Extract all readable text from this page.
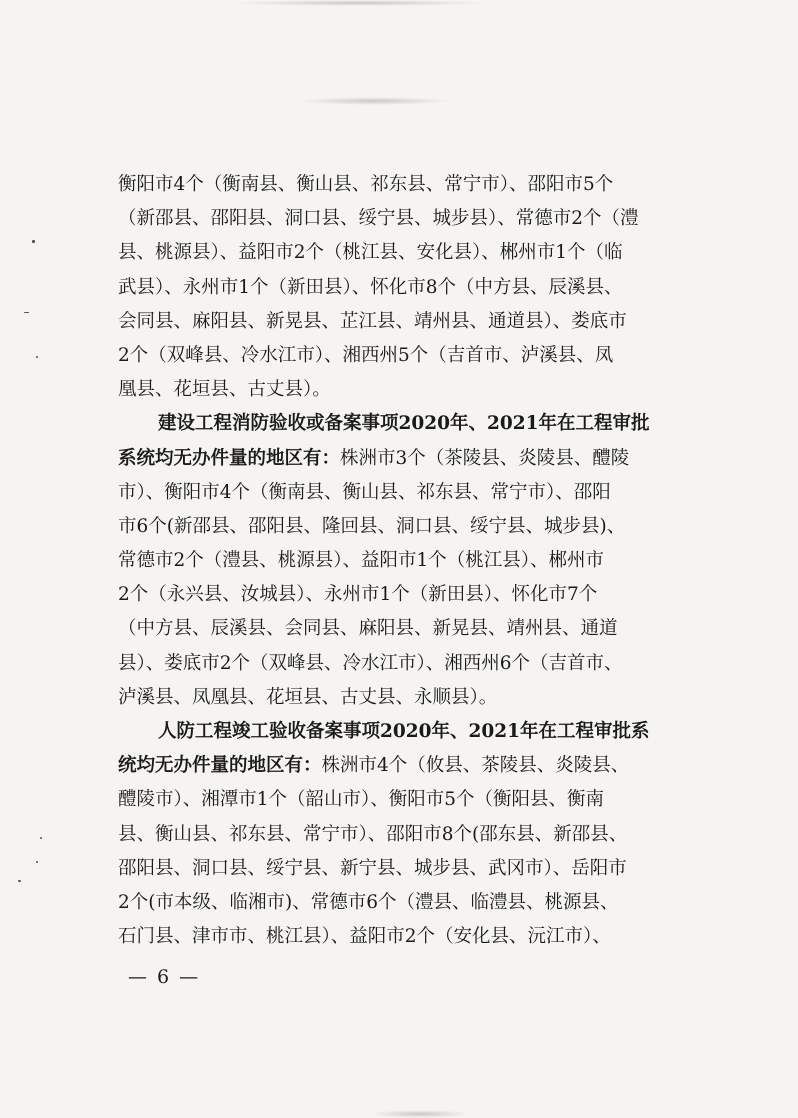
衡阳市4个（衡南县、衡山县、祁东县、常宁市）、邵阳市5个
（新邵县、邵阳县、洞口县、绥宁县、城步县）、常德市2个（澧
县、桃源县）、益阳市2个（桃江县、安化县）、郴州市1个（临
武县）、永州市1个（新田县）、怀化市8个（中方县、辰溪县、
会同县、麻阳县、新晃县、芷江县、靖州县、通道县）、娄底市
2个（双峰县、冷水江市）、湘西州5个（吉首市、泸溪县、凤
凰县、花垣县、古丈县）。
建设工程消防验收或备案事项2020年、2021年在工程审批
系统均无办件量的地区有：株洲市3个（茶陵县、炎陵县、醴陵
市）、衡阳市4个（衡南县、衡山县、祁东县、常宁市）、邵阳
市6个(新邵县、邵阳县、隆回县、洞口县、绥宁县、城步县)、
常德市2个（澧县、桃源县）、益阳市1个（桃江县）、郴州市
2个（永兴县、汝城县）、永州市1个（新田县）、怀化市7个
（中方县、辰溪县、会同县、麻阳县、新晃县、靖州县、通道
县）、娄底市2个（双峰县、冷水江市）、湘西州6个（吉首市、
泸溪县、凤凰县、花垣县、古丈县、永顺县）。
人防工程竣工验收备案事项2020年、2021年在工程审批系
统均无办件量的地区有：株洲市4个（攸县、茶陵县、炎陵县、
醴陵市）、湘潭市1个（韶山市）、衡阳市5个（衡阳县、衡南
县、衡山县、祁东县、常宁市）、邵阳市8个(邵东县、新邵县、
邵阳县、洞口县、绥宁县、新宁县、城步县、武冈市）、岳阳市
2个(市本级、临湘市)、常德市6个（澧县、临澧县、桃源县、
石门县、津市市、桃江县）、益阳市2个（安化县、沅江市）、
— 6 —
